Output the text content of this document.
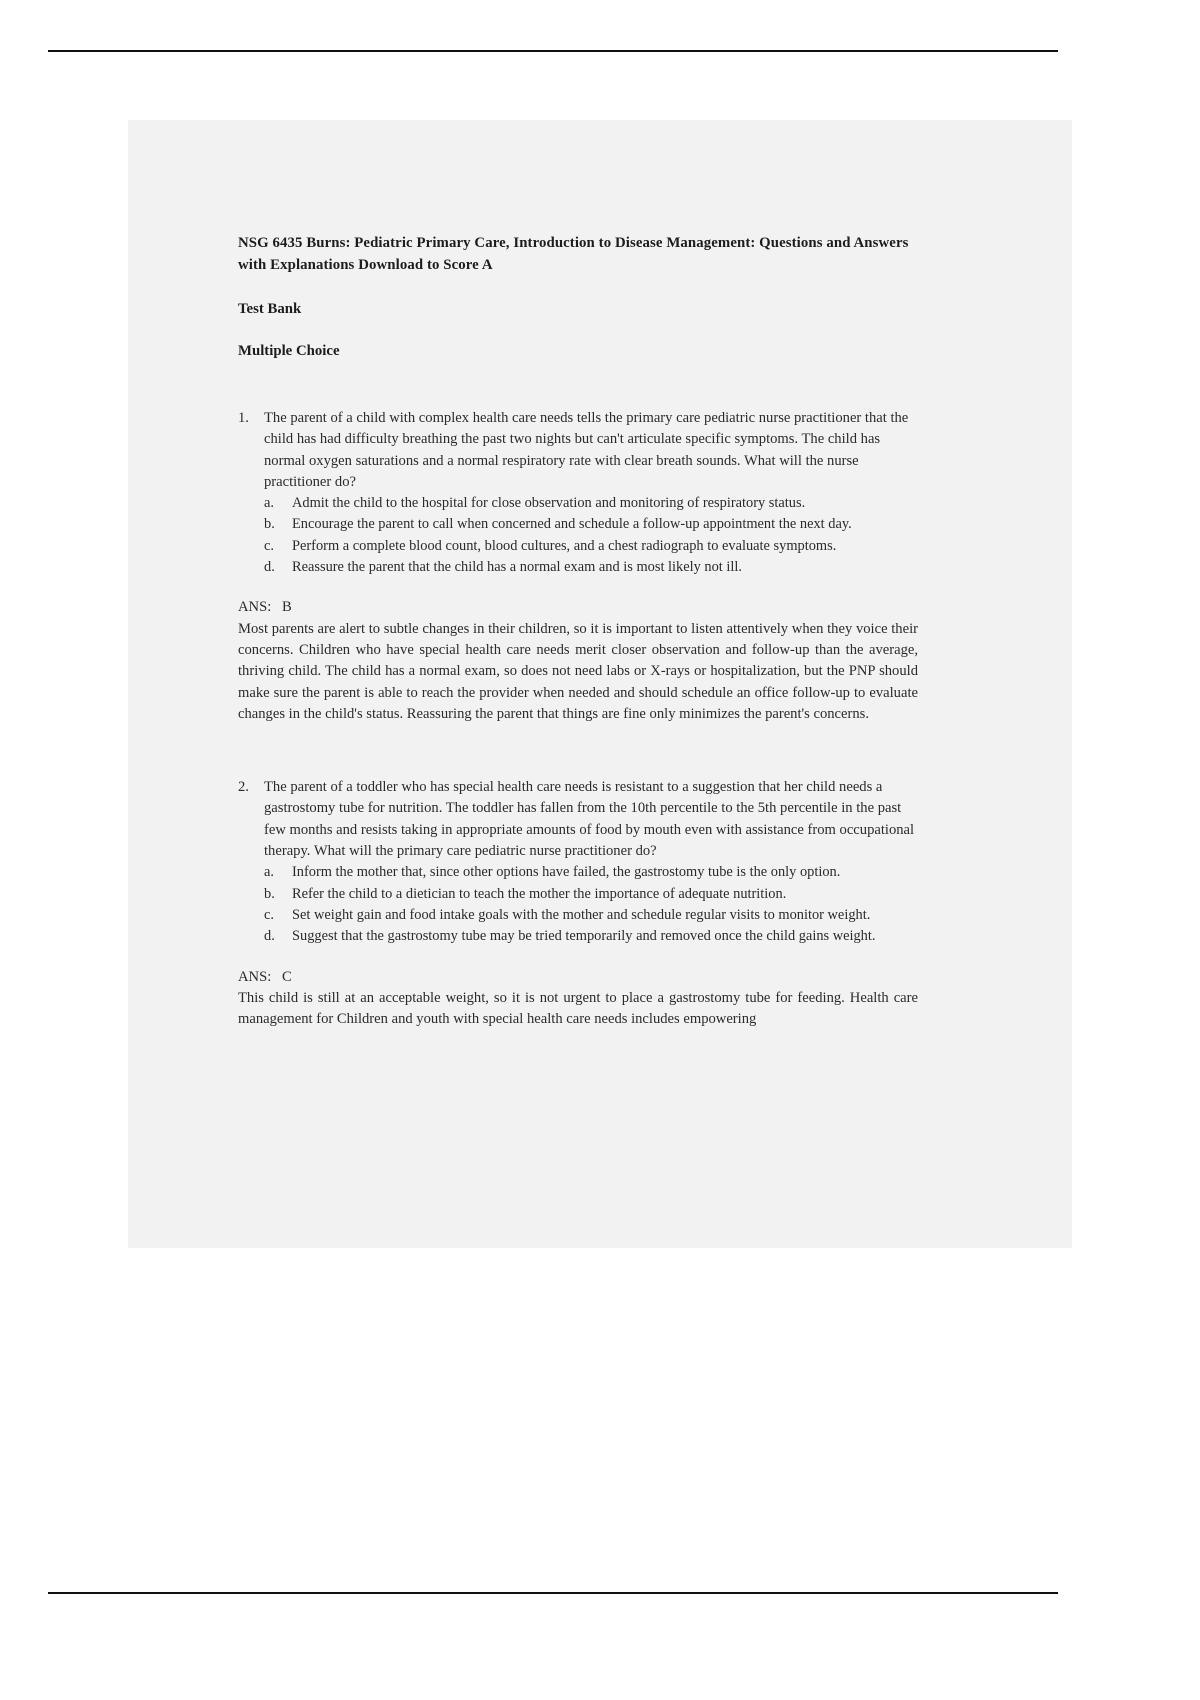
NSG 6435 Burns: Pediatric Primary Care, Introduction to Disease Management: Questions and Answers with Explanations Download to Score A
Test Bank
Multiple Choice
1.	The parent of a child with complex health care needs tells the primary care pediatric nurse practitioner that the child has had difficulty breathing the past two nights but can't articulate specific symptoms. The child has normal oxygen saturations and a normal respiratory rate with clear breath sounds. What will the nurse practitioner do?
a.	Admit the child to the hospital for close observation and monitoring of respiratory status.
b.	Encourage the parent to call when concerned and schedule a follow-up appointment the next day.
c.	Perform a complete blood count, blood cultures, and a chest radiograph to evaluate symptoms.
d.	Reassure the parent that the child has a normal exam and is most likely not ill.
ANS: B
Most parents are alert to subtle changes in their children, so it is important to listen attentively when they voice their concerns. Children who have special health care needs merit closer observation and follow-up than the average, thriving child. The child has a normal exam, so does not need labs or X-rays or hospitalization, but the PNP should make sure the parent is able to reach the provider when needed and should schedule an office follow-up to evaluate changes in the child's status. Reassuring the parent that things are fine only minimizes the parent's concerns.
2.	The parent of a toddler who has special health care needs is resistant to a suggestion that her child needs a gastrostomy tube for nutrition. The toddler has fallen from the 10th percentile to the 5th percentile in the past few months and resists taking in appropriate amounts of food by mouth even with assistance from occupational therapy. What will the primary care pediatric nurse practitioner do?
a.	Inform the mother that, since other options have failed, the gastrostomy tube is the only option.
b.	Refer the child to a dietician to teach the mother the importance of adequate nutrition.
c.	Set weight gain and food intake goals with the mother and schedule regular visits to monitor weight.
d.	Suggest that the gastrostomy tube may be tried temporarily and removed once the child gains weight.
ANS: C
This child is still at an acceptable weight, so it is not urgent to place a gastrostomy tube for feeding. Health care management for Children and youth with special health care needs includes empowering
